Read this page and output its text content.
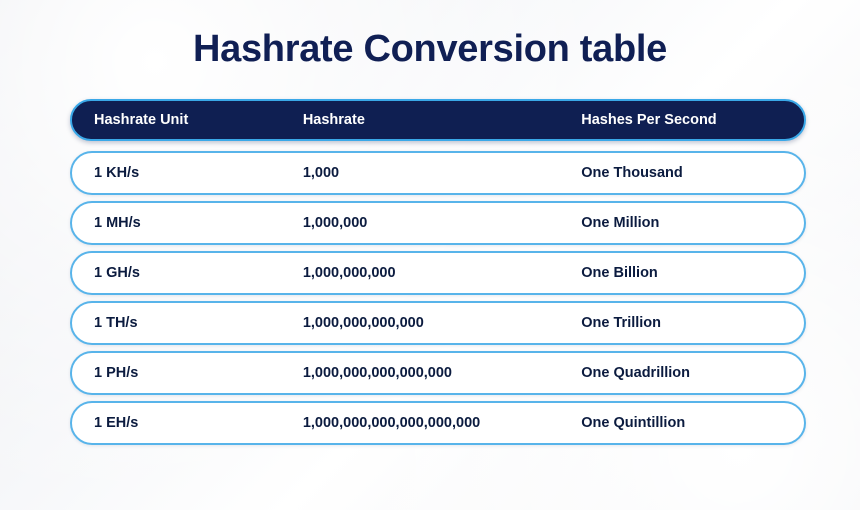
Hashrate Conversion table
Hashrate Unit	Hashrate	Hashes Per Second
1 KH/s	1,000	One Thousand
1 MH/s	1,000,000	One Million
1 GH/s	1,000,000,000	One Billion
1 TH/s	1,000,000,000,000	One Trillion
1 PH/s	1,000,000,000,000,000	One Quadrillion
1 EH/s	1,000,000,000,000,000,000	One Quintillion
